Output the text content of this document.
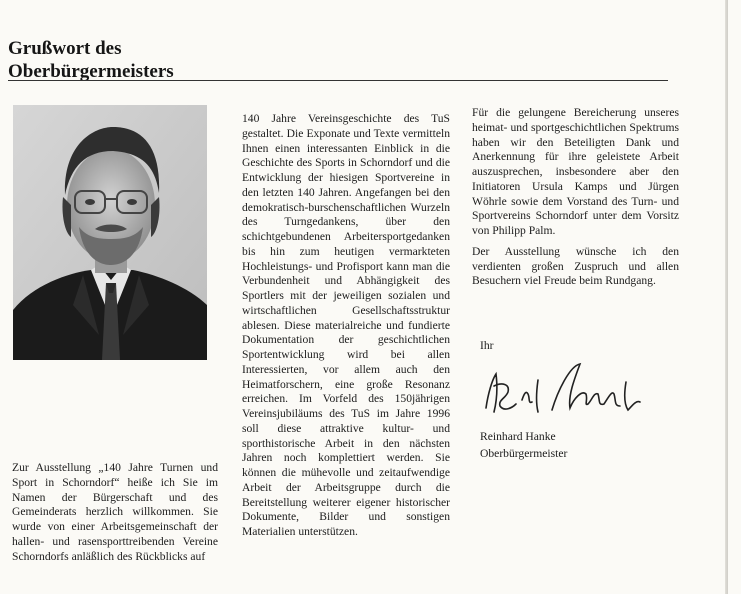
Grußwort des
Oberbürgermeisters

Zur Ausstellung „140 Jahre Turnen und Sport in Schorndorf“ heiße ich Sie im Namen der Bürgerschaft und des Gemeinderats herzlich willkommen. Sie wurde von einer Arbeitsgemeinschaft der hallen- und rasensporttreibenden Vereine Schorndorfs anläßlich des Rückblicks auf

140 Jahre Vereinsgeschichte des TuS gestaltet. Die Exponate und Texte vermitteln Ihnen einen interessanten Einblick in die Geschichte des Sports in Schorndorf und die Entwicklung der hiesigen Sportvereine in den letzten 140 Jahren. Angefangen bei den demokratisch-burschenschaftlichen Wurzeln des Turngedankens, über den schichtgebundenen Arbeitersportgedanken bis hin zum heutigen vermarkteten Hochleistungs- und Profisport kann man die Verbundenheit und Abhängigkeit des Sportlers mit der jeweiligen sozialen und wirtschaftlichen Gesellschaftsstruktur ablesen. Diese materialreiche und fundierte Dokumentation der geschichtlichen Sportentwicklung wird bei allen Interessierten, vor allem auch den Heimatforschern, eine große Resonanz erreichen. Im Vorfeld des 150jährigen Vereinsjubiläums des TuS im Jahre 1996 soll diese attraktive kultur- und sporthistorische Arbeit in den nächsten Jahren noch komplettiert werden. Sie können die mühevolle und zeitaufwendige Arbeit der Arbeitsgruppe durch die Bereitstellung weiterer eigener historischer Dokumente, Bilder und sonstigen Materialien unterstützen.

Für die gelungene Bereicherung unseres heimat- und sportgeschichtlichen Spektrums haben wir den Beteiligten Dank und Anerkennung für ihre geleistete Arbeit auszusprechen, insbesondere aber den Initiatoren Ursula Kamps und Jürgen Wöhrle sowie dem Vorstand des Turn- und Sportvereins Schorndorf unter dem Vorsitz von Philipp Palm.

Der Ausstellung wünsche ich den verdienten großen Zuspruch und allen Besuchern viel Freude beim Rundgang.

Ihr
Reinhard Hanke
Oberbürgermeister
